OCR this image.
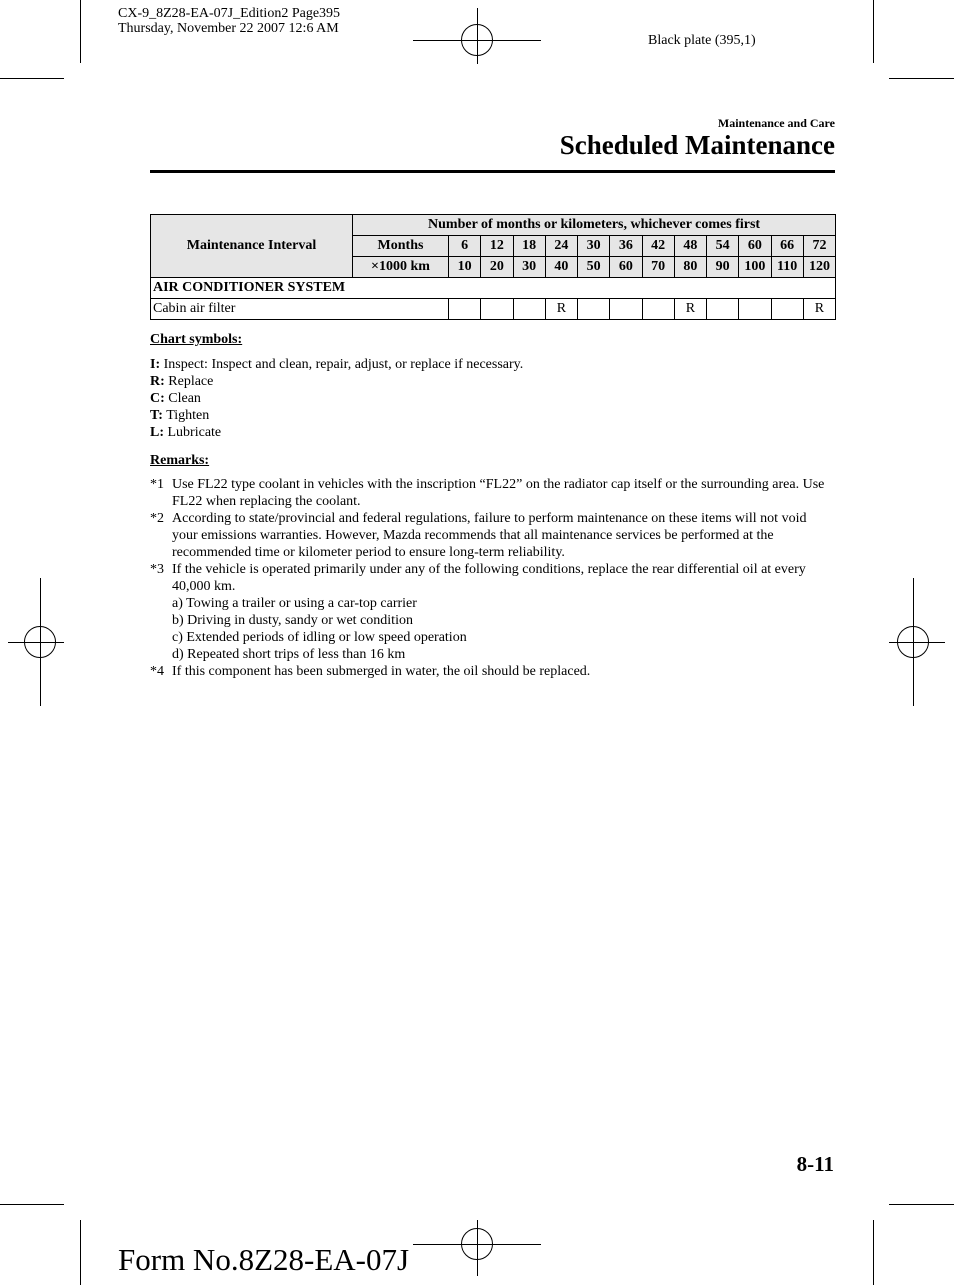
CX-9_8Z28-EA-07J_Edition2 Page395
Thursday, November 22 2007 12:6 AM
Black plate (395,1)
Maintenance and Care
Scheduled Maintenance
Maintenance Interval	Number of months or kilometers, whichever comes first												
	Months	6	12	18	24	30	36	42	48	54	60	66	72
	×1000 km	10	20	30	40	50	60	70	80	90	100	110	120
AIR CONDITIONER SYSTEM													
Cabin air filter					R				R				R
Chart symbols:
I: Inspect: Inspect and clean, repair, adjust, or replace if necessary.
R: Replace
C: Clean
T: Tighten
L: Lubricate
Remarks:
*1 Use FL22 type coolant in vehicles with the inscription “FL22” on the radiator cap itself or the surrounding area. Use FL22 when replacing the coolant.
*2 According to state/provincial and federal regulations, failure to perform maintenance on these items will not void your emissions warranties. However, Mazda recommends that all maintenance services be performed at the recommended time or kilometer period to ensure long-term reliability.
*3 If the vehicle is operated primarily under any of the following conditions, replace the rear differential oil at every 40,000 km.
a) Towing a trailer or using a car-top carrier
b) Driving in dusty, sandy or wet condition
c) Extended periods of idling or low speed operation
d) Repeated short trips of less than 16 km
*4 If this component has been submerged in water, the oil should be replaced.
8-11
Form No.8Z28-EA-07J
